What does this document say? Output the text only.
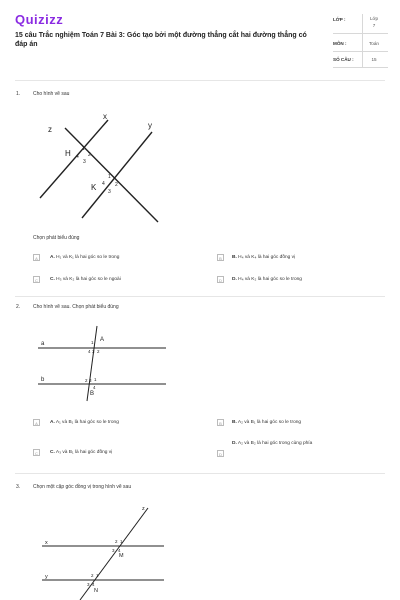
Quizizz
15 câu Trắc nghiệm Toán 7 Bài 3: Góc tạo bởi một đường thẳng cắt hai đường thẳng có
đáp án
LỚP :	Lớp
7
MÔN :	Toán
SỐ CÂU :	15
1.	Cho hình vẽ sau
x
y
z
H
K
1
2
3
4
1
2
3
4
Chọn phát biểu đúng
A	A. H₁ và K₁ là hai góc so le trong	B	B. H₄ và K₄ là hai góc đồng vị
C	C. H₃ và K₂ là hai góc so le ngoài	D	D. H₄ và K₂ là hai góc so le trong
2.	Cho hình vẽ sau. Chọn phát biểu đúng
a
b
A
B
1
2
3
4
1
2 3
4
A	A. A₁ và B₁ là hai góc so le trong	B	B. A₂ và B₁ là hai góc so le trong
C	C. A₃ và B₁ là hai góc đồng vị
D. A₂ và B₂ là hai góc trong cùng phía
D
3.	Chọn một cặp góc đồng vị trong hình vẽ sau
x
y
z
M
N
1
2
3 4
1
2
3 4
